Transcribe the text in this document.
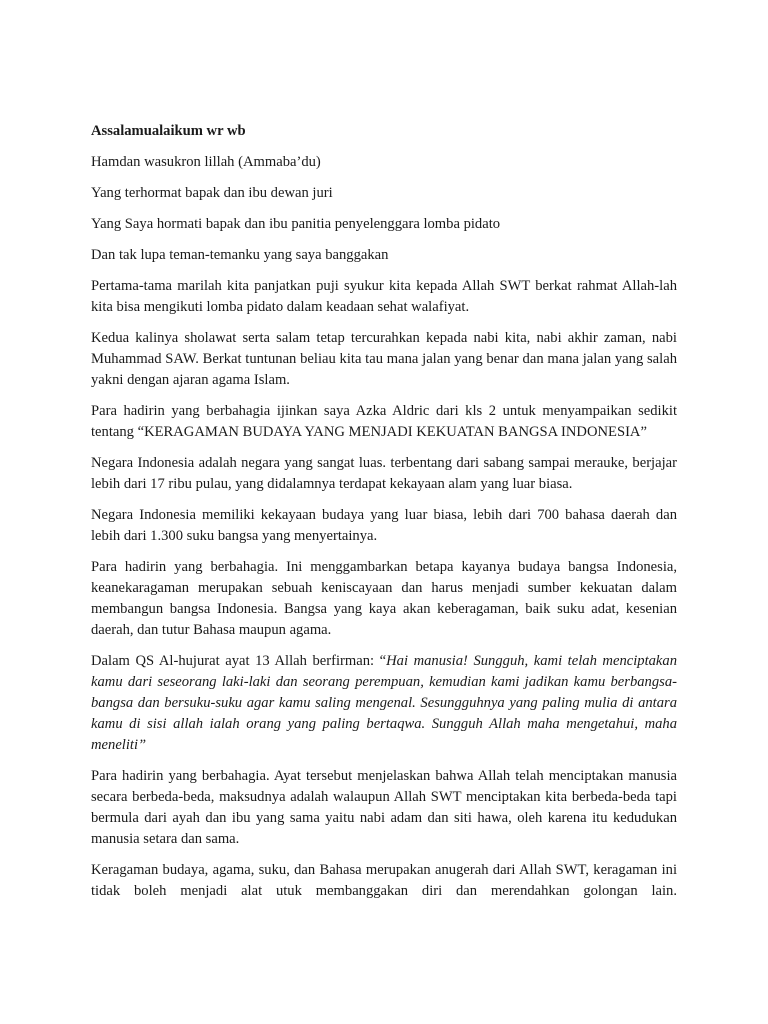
Assalamualaikum wr wb

Hamdan wasukron lillah (Ammaba’du)

Yang terhormat bapak dan ibu dewan juri

Yang Saya hormati bapak dan ibu panitia penyelenggara lomba pidato

Dan tak lupa teman-temanku yang saya banggakan

Pertama-tama marilah kita panjatkan puji syukur kita kepada Allah SWT berkat rahmat Allah-lah kita bisa mengikuti lomba pidato dalam keadaan sehat walafiyat.

Kedua kalinya sholawat serta salam tetap tercurahkan kepada nabi kita, nabi akhir zaman, nabi Muhammad SAW. Berkat tuntunan beliau kita tau mana jalan yang benar dan mana jalan yang salah yakni dengan ajaran agama Islam.

Para hadirin yang berbahagia ijinkan saya Azka Aldric dari kls 2 untuk menyampaikan sedikit tentang “KERAGAMAN BUDAYA YANG MENJADI KEKUATAN BANGSA INDONESIA”

Negara Indonesia adalah negara yang sangat luas. terbentang dari sabang sampai merauke, berjajar lebih dari 17 ribu pulau, yang didalamnya terdapat kekayaan alam yang luar biasa.

Negara Indonesia memiliki kekayaan budaya yang luar biasa, lebih dari 700 bahasa daerah dan lebih dari 1.300 suku bangsa yang menyertainya.

Para hadirin yang berbahagia. Ini menggambarkan betapa kayanya budaya bangsa Indonesia, keanekaragaman merupakan sebuah keniscayaan dan harus menjadi sumber kekuatan dalam membangun bangsa Indonesia. Bangsa yang kaya akan keberagaman, baik suku adat, kesenian daerah, dan tutur Bahasa maupun agama.

Dalam QS Al-hujurat ayat 13 Allah berfirman: “Hai manusia! Sungguh, kami telah menciptakan kamu dari seseorang laki-laki dan seorang perempuan, kemudian kami jadikan kamu berbangsa-bangsa dan bersuku-suku agar kamu saling mengenal. Sesungguhnya yang paling mulia di antara kamu di sisi allah ialah orang yang paling bertaqwa. Sungguh Allah maha mengetahui, maha meneliti”

Para hadirin yang berbahagia. Ayat tersebut menjelaskan bahwa Allah telah menciptakan manusia secara berbeda-beda, maksudnya adalah walaupun Allah SWT menciptakan kita berbeda-beda tapi bermula dari ayah dan ibu yang sama yaitu nabi adam dan siti hawa, oleh karena itu kedudukan manusia setara dan sama.

Keragaman budaya, agama, suku, dan Bahasa merupakan anugerah dari Allah SWT, keragaman ini tidak boleh menjadi alat utuk membanggakan diri dan merendahkan golongan lain.
